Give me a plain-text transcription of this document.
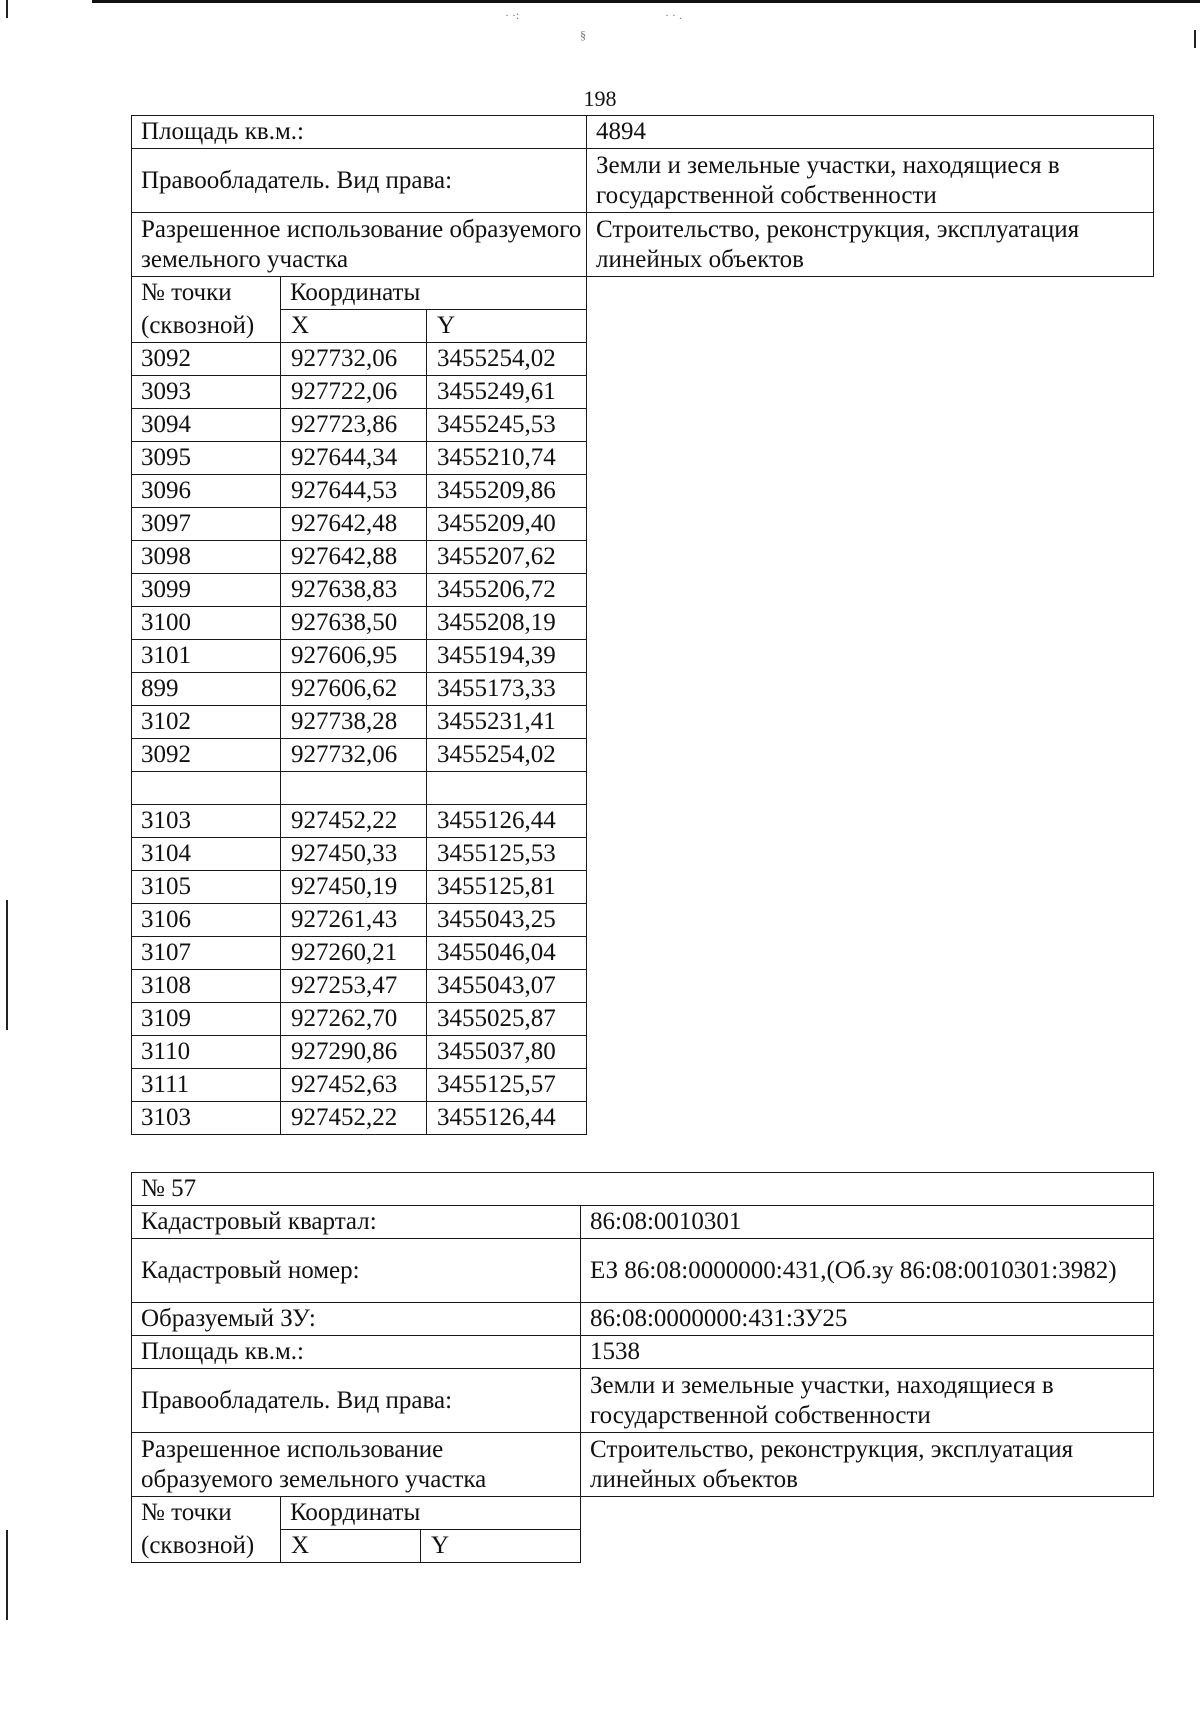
· ·:
§
· · .
198
Площадь кв.м.:			4894
Правообладатель. Вид права:			Земли и земельные участки, находящиеся в государственной собственности
Разрешенное использование образуемого земельного участка			Строительство, реконструкция, эксплуатация линейных объектов
№ точки	Координаты		
(сквозной)	X	Y	
3092	927732,06	3455254,02	
3093	927722,06	3455249,61	
3094	927723,86	3455245,53	
3095	927644,34	3455210,74	
3096	927644,53	3455209,86	
3097	927642,48	3455209,40	
3098	927642,88	3455207,62	
3099	927638,83	3455206,72	
3100	927638,50	3455208,19	
3101	927606,95	3455194,39	
899	927606,62	3455173,33	
3102	927738,28	3455231,41	
3092	927732,06	3455254,02	

3103	927452,22	3455126,44	
3104	927450,33	3455125,53	
3105	927450,19	3455125,81	
3106	927261,43	3455043,25	
3107	927260,21	3455046,04	
3108	927253,47	3455043,07	
3109	927262,70	3455025,87	
3110	927290,86	3455037,80	
3111	927452,63	3455125,57	
3103	927452,22	3455126,44	
№ 57			
Кадастровый квартал:			86:08:0010301
Кадастровый номер:			ЕЗ 86:08:0000000:431,(Об.зу 86:08:0010301:3982)
Образуемый ЗУ:			86:08:0000000:431:ЗУ25
Площадь кв.м.:			1538
Правообладатель. Вид права:			Земли и земельные участки, находящиеся в государственной собственности
Разрешенное использование образуемого земельного участка			Строительство, реконструкция, эксплуатация линейных объектов
№ точки	Координаты		
(сквозной)	X	Y	
